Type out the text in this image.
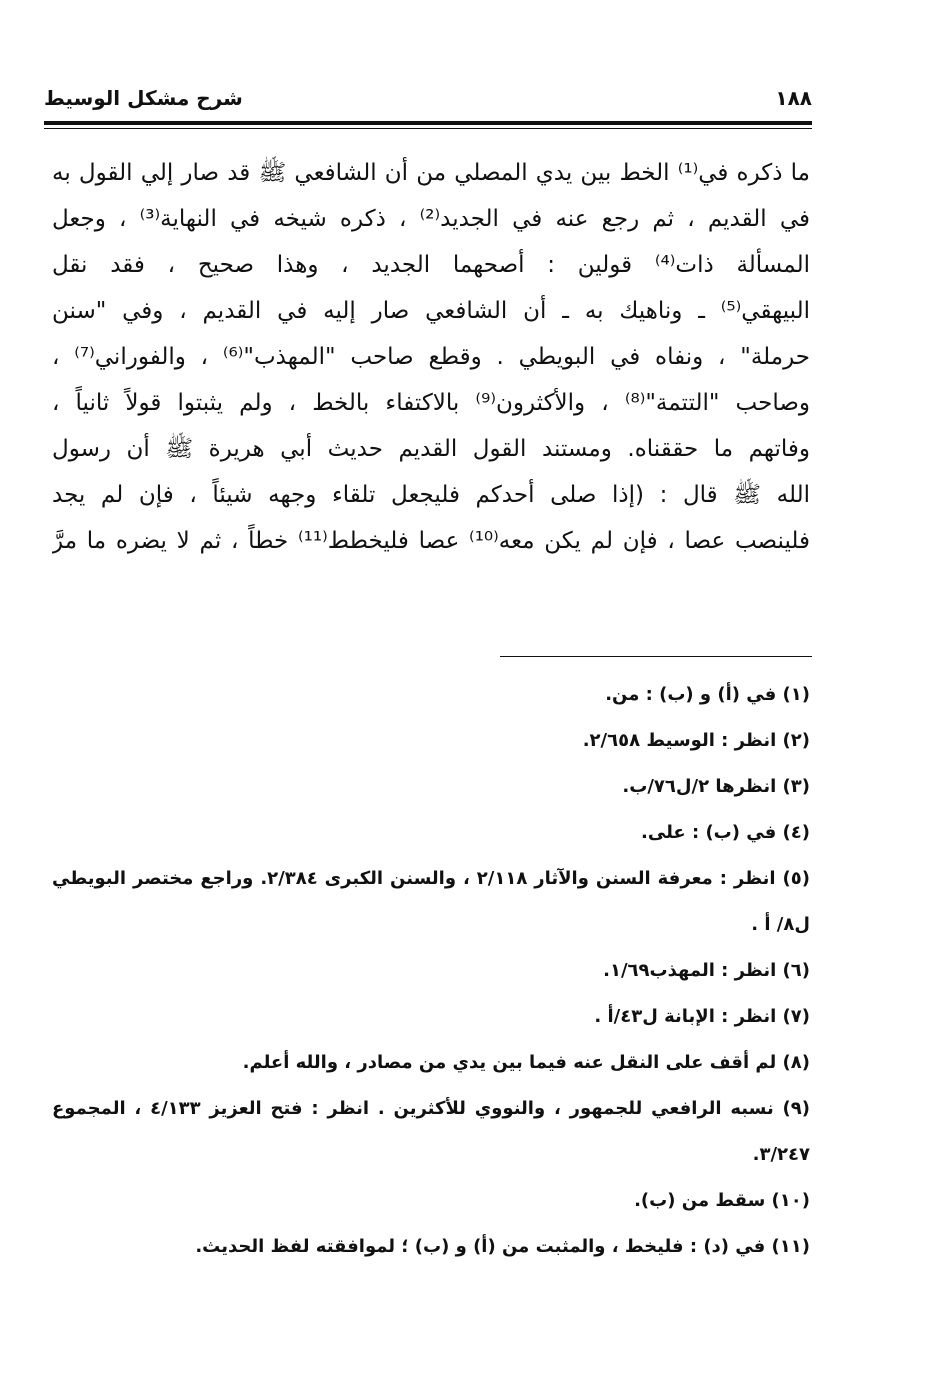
شرح مشكل الوسيط	١٨٨
ما ذكره في⁽¹⁾ الخط بين يدي المصلي من أن الشافعي ﷺ قد صار إلي القول به
في القديم ، ثم رجع عنه في الجديد⁽²⁾ ، ذكره شيخه في النهاية⁽³⁾ ، وجعل
المسألة ذات⁽⁴⁾ قولين : أصحهما الجديد ، وهذا صحيح ، فقد نقل
البيهقي⁽⁵⁾ ـ وناهيك به ـ أن الشافعي صار إليه في القديم ، وفي "سنن
حرملة" ، ونفاه في البويطي . وقطع صاحب "المهذب"⁽⁶⁾ ، والفوراني⁽⁷⁾ ،
وصاحب "التتمة"⁽⁸⁾ ، والأكثرون⁽⁹⁾ بالاكتفاء بالخط ، ولم يثبتوا قولاً ثانياً ،
وفاتهم ما حققناه. ومستند القول القديم حديث أبي هريرة ﷺ أن رسول
الله ﷺ قال : (إذا صلى أحدكم فليجعل تلقاء وجهه شيئاً ، فإن لم يجد
فلينصب عصا ، فإن لم يكن معه⁽¹⁰⁾ عصا فليخطط⁽¹¹⁾ خطاً ، ثم لا يضره ما مرَّ
(١) في (أ) و (ب) : من.
(٢) انظر : الوسيط ٢/٦٥٨.
(٣) انظرها ٢/ل٧٦/ب.
(٤) في (ب) : على.
(٥) انظر : معرفة السنن والآثار ٢/١١٨ ، والسنن الكبرى ٢/٣٨٤. وراجع مختصر البويطي
ل٨/ أ .
(٦) انظر : المهذب١/٦٩.
(٧) انظر : الإبانة ل٤٣/أ .
(٨) لم أقف على النقل عنه فيما بين يدي من مصادر ، والله أعلم.
(٩) نسبه الرافعي للجمهور ، والنووي للأكثرين . انظر : فتح العزيز ٤/١٣٣ ، المجموع
٣/٢٤٧.
(١٠) سقط من (ب).
(١١) في (د) : فليخط ، والمثبت من (أ) و (ب) ؛ لموافقته لفظ الحديث.
